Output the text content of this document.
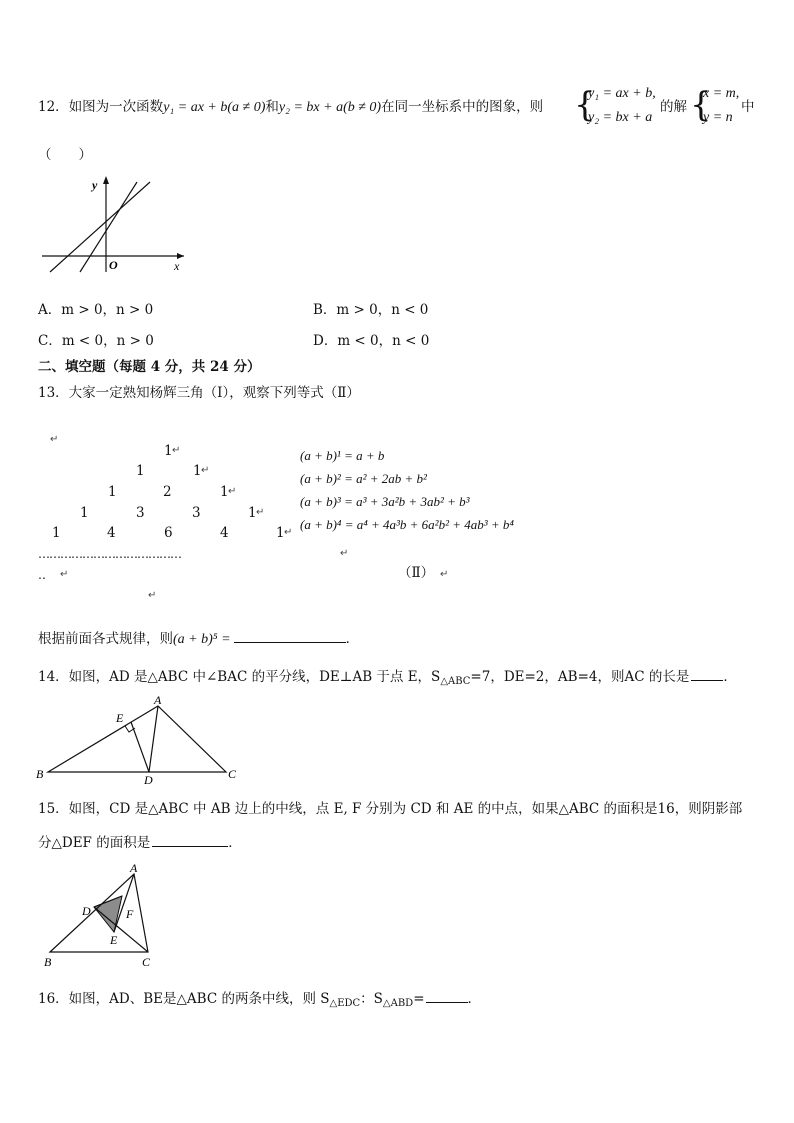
12．如图为一次函数y₁ = ax + b(a ≠ 0)和y₂ = bx + a(b ≠ 0)在同一坐标系中的图象，则 {
y₁ = ax + b,
y₂ = bx + a
的解 {
x = m,
y = n
中
（　　）
y
x
O
A．m > 0，n > 0	B．m > 0，n < 0
C．m < 0，n > 0	D．m < 0，n < 0
二、填空题（每题 4 分，共 24 分）
13．大家一定熟知杨辉三角（Ⅰ），观察下列等式（Ⅱ）
↵
1 ↵
1	1 ↵
1	2	1 ↵
1	3	3	1 ↵
1	4	6	4	1 ↵
…………………………………
‥ ↵
↵
(a + b)¹ = a + b
(a + b)² = a² + 2ab + b²
(a + b)³ = a³ + 3a²b + 3ab² + b³
(a + b)⁴ = a⁴ + 4a³b + 6a²b² + 4ab³ + b⁴
↵
（Ⅱ） ↵
根据前面各式规律，则(a + b)⁵ =	．
14．如图，AD 是△ABC 中∠BAC 的平分线，DE⊥AB 于点 E，$S_{\triangle ABC}=7$，DE=2，AB=4，则AC 的长是	．
A
B	C
D
E
15．如图，CD 是△ABC 中 AB 边上的中线，点 E, F 分别为 CD 和 AE 的中点，如果△ABC 的面积是16，则阴影部
分△DEF 的面积是	．
A
B	C
D
E
F
16．如图，AD、BE是△ABC 的两条中线，则 $S_{\triangle EDC}$：$S_{\triangle ABD}=$	．
